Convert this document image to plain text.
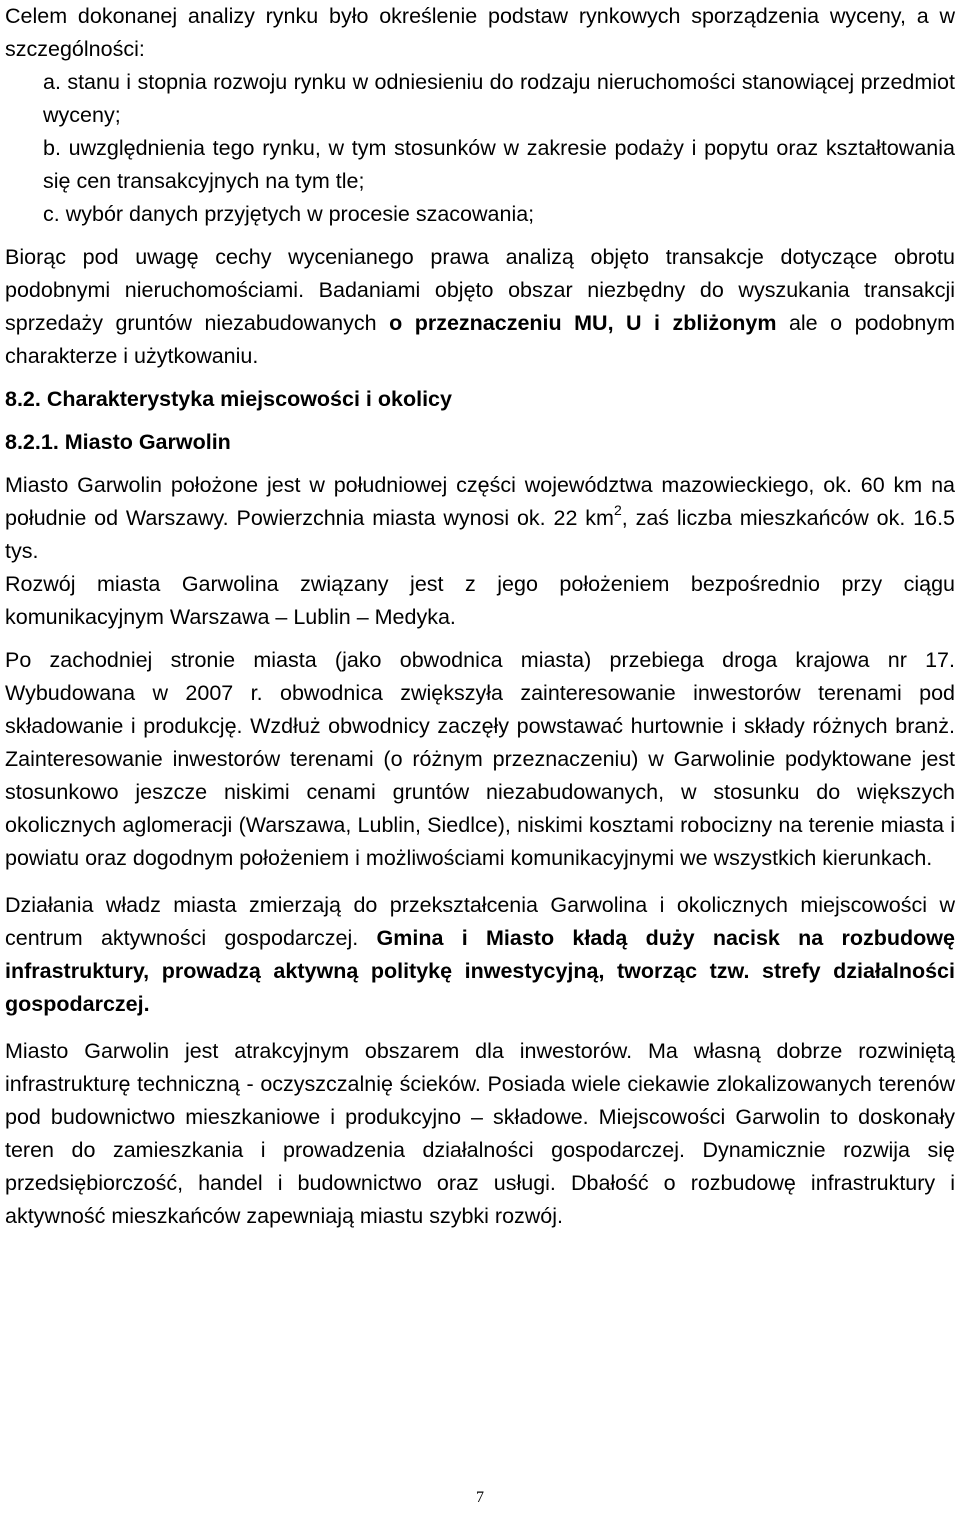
Celem dokonanej analizy rynku było określenie podstaw rynkowych sporządzenia wyceny, a w szczególności:

a. stanu i stopnia rozwoju rynku w odniesieniu do rodzaju nieruchomości stanowiącej przedmiot wyceny;
b. uwzględnienia tego rynku, w tym stosunków w zakresie podaży i popytu oraz kształtowania się cen transakcyjnych na tym tle;
c. wybór danych przyjętych w procesie szacowania;

Biorąc pod uwagę cechy wycenianego prawa analizą objęto transakcje dotyczące obrotu podobnymi nieruchomościami. Badaniami objęto obszar niezbędny do wyszukania transakcji sprzedaży gruntów niezabudowanych o przeznaczeniu MU, U i zbliżonym ale o podobnym charakterze i użytkowaniu.

8.2. Charakterystyka miejscowości i okolicy
8.2.1. Miasto Garwolin

Miasto Garwolin położone jest w południowej części województwa mazowieckiego, ok. 60 km na południe od Warszawy. Powierzchnia miasta wynosi ok. 22 $km^2$, zaś liczba mieszkańców ok. 16.5 tys.

Rozwój miasta Garwolina związany jest z jego położeniem bezpośrednio przy ciągu komunikacyjnym Warszawa – Lublin – Medyka.

Po zachodniej stronie miasta (jako obwodnica miasta) przebiega droga krajowa nr 17. Wybudowana w 2007 r. obwodnica zwiększyła zainteresowanie inwestorów terenami pod składowanie i produkcję. Wzdłuż obwodnicy zaczęły powstawać hurtownie i składy różnych branż. Zainteresowanie inwestorów terenami (o różnym przeznaczeniu) w Garwolinie podyktowane jest stosunkowo jeszcze niskimi cenami gruntów niezabudowanych, w stosunku do większych okolicznych aglomeracji (Warszawa, Lublin, Siedlce), niskimi kosztami robocizny na terenie miasta i powiatu oraz dogodnym położeniem i możliwościami komunikacyjnymi we wszystkich kierunkach.

Działania władz miasta zmierzają do przekształcenia Garwolina i okolicznych miejscowości w centrum aktywności gospodarczej. Gmina i Miasto kładą duży nacisk na rozbudowę infrastruktury, prowadzą aktywną politykę inwestycyjną, tworząc tzw. strefy działalności gospodarczej.

Miasto Garwolin jest atrakcyjnym obszarem dla inwestorów. Ma własną dobrze rozwiniętą infrastrukturę techniczną - oczyszczalnię ścieków. Posiada wiele ciekawie zlokalizowanych terenów pod budownictwo mieszkaniowe i produkcyjno – składowe. Miejscowości Garwolin to doskonały teren do zamieszkania i prowadzenia działalności gospodarczej. Dynamicznie rozwija się przedsiębiorczość, handel i budownictwo oraz usługi. Dbałość o rozbudowę infrastruktury i aktywność mieszkańców zapewniają miastu szybki rozwój.

7
